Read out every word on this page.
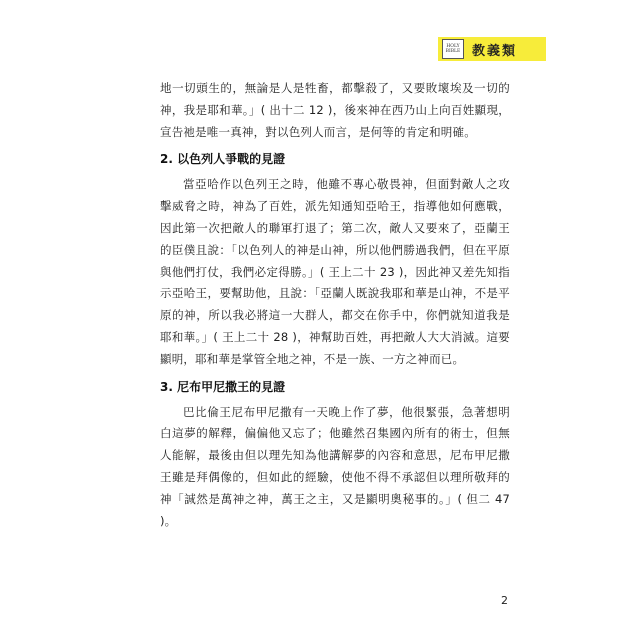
HOLY
BIBLE 教義類

地一切頭生的，無論是人是牲畜，都擊殺了，又要敗壞埃及一切的神，我是耶和華。」( 出十二 12 )，後來神在西乃山上向百姓顯現，宣告祂是唯一真神，對以色列人而言，是何等的肯定和明確。

2. 以色列人爭戰的見證

當亞哈作以色列王之時，他雖不專心敬畏神，但面對敵人之攻擊威脅之時，神為了百姓，派先知通知亞哈王，指導他如何應戰，因此第一次把敵人的聯軍打退了；第二次，敵人又要來了，亞蘭王的臣僕且說：「以色列人的神是山神，所以他們勝過我們，但在平原與他們打仗，我們必定得勝。」( 王上二十 23 )，因此神又差先知指示亞哈王，要幫助他，且說：「亞蘭人既說我耶和華是山神，不是平原的神，所以我必將這一大群人，都交在你手中，你們就知道我是耶和華。」( 王上二十 28 )，神幫助百姓，再把敵人大大消滅。這要顯明，耶和華是掌管全地之神，不是一族、一方之神而已。

3. 尼布甲尼撒王的見證

巴比倫王尼布甲尼撒有一天晚上作了夢，他很緊張，急著想明白這夢的解釋，偏偏他又忘了；他雖然召集國內所有的術士，但無人能解，最後由但以理先知為他講解夢的內容和意思，尼布甲尼撒王雖是拜偶像的，但如此的經驗，使他不得不承認但以理所敬拜的神「誠然是萬神之神，萬王之主，又是顯明奧秘事的。」( 但二 47 )。

2
